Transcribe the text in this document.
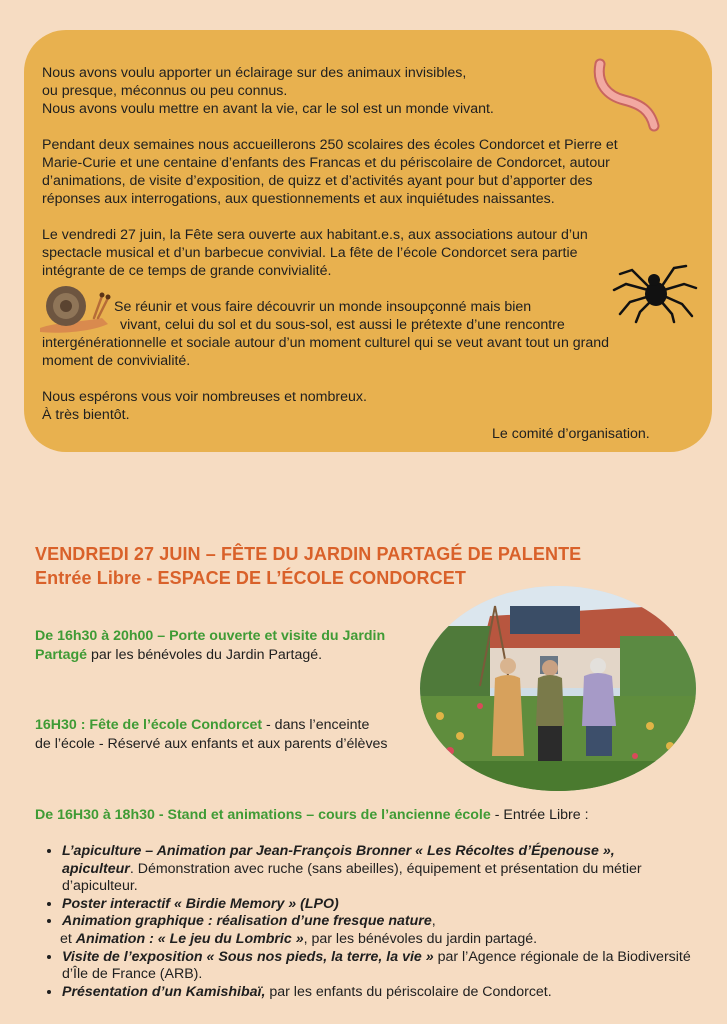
Nous avons voulu apporter un éclairage sur des animaux invisibles,

ou presque, méconnus ou peu connus.

Nous avons voulu mettre en avant la vie, car le sol est un monde vivant.

Pendant deux semaines nous accueillerons 250 scolaires des écoles Condorcet et Pierre et

Marie-Curie et une centaine d’enfants des Francas et du périscolaire de Condorcet, autour

d’animations, de visite d’exposition, de quizz et d’activités ayant pour but d’apporter des

réponses aux interrogations, aux questionnements et aux inquiétudes naissantes.

Le vendredi 27 juin, la Fête sera ouverte aux habitant.e.s, aux associations autour d’un

spectacle musical et d’un barbecue convivial. La fête de l’école Condorcet sera partie

intégrante de ce temps de grande convivialité.

Se réunir et vous faire découvrir un monde insoupçonné mais bien
vivant, celui du sol et du sous-sol, est aussi le prétexte d’une rencontre
intergénérationnelle et sociale autour d’un moment culturel qui se veut avant tout un grand
moment de convivialité.

Nous espérons vous voir nombreuses et nombreux.

À très bientôt.

Le comité d’organisation.
VENDREDI 27 JUIN – FÊTE DU JARDIN PARTAGÉ DE PALENTE
Entrée Libre - ESPACE DE L’ÉCOLE CONDORCET
De 16h30 à 20h00 – Porte ouverte et visite du Jardin
Partagé par les bénévoles du Jardin Partagé.
16H30 : Fête de l’école Condorcet - dans l’enceinte
de l’école - Réservé aux enfants et aux parents d’élèves
De 16H30 à 18h30 - Stand et animations – cours de l’ancienne école - Entrée Libre :
• L’apiculture – Animation par Jean-François Bronner « Les Récoltes d’Épenouse »,
apiculteur. Démonstration avec ruche (sans abeilles), équipement et présentation du métier d’apiculteur.
• Poster interactif « Birdie Memory » (LPO)
• Animation graphique : réalisation d’une fresque nature,
et Animation : « Le jeu du Lombric », par les bénévoles du jardin partagé.
• Visite de l’exposition « Sous nos pieds, la terre, la vie » par l’Agence régionale de la Biodiversité d’Île de France (ARB).
• Présentation d’un Kamishibaï, par les enfants du périscolaire de Condorcet.
